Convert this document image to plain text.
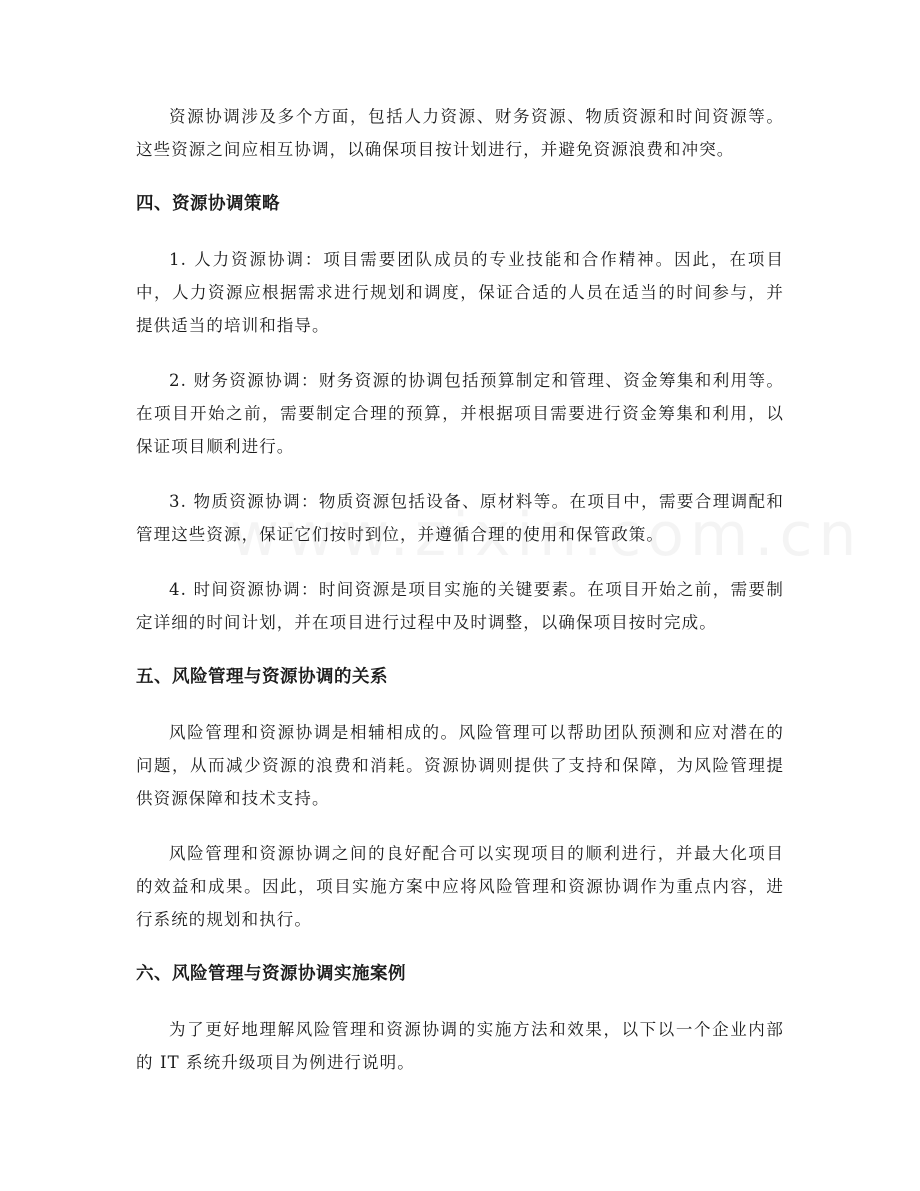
资源协调涉及多个方面，包括人力资源、财务资源、物质资源和时间资源等。这些资源之间应相互协调，以确保项目按计划进行，并避免资源浪费和冲突。

四、资源协调策略

1. 人力资源协调：项目需要团队成员的专业技能和合作精神。因此，在项目中，人力资源应根据需求进行规划和调度，保证合适的人员在适当的时间参与，并提供适当的培训和指导。

2. 财务资源协调：财务资源的协调包括预算制定和管理、资金筹集和利用等。在项目开始之前，需要制定合理的预算，并根据项目需要进行资金筹集和利用，以保证项目顺利进行。

3. 物质资源协调：物质资源包括设备、原材料等。在项目中，需要合理调配和管理这些资源，保证它们按时到位，并遵循合理的使用和保管政策。

4. 时间资源协调：时间资源是项目实施的关键要素。在项目开始之前，需要制定详细的时间计划，并在项目进行过程中及时调整，以确保项目按时完成。

五、风险管理与资源协调的关系

风险管理和资源协调是相辅相成的。风险管理可以帮助团队预测和应对潜在的问题，从而减少资源的浪费和消耗。资源协调则提供了支持和保障，为风险管理提供资源保障和技术支持。

风险管理和资源协调之间的良好配合可以实现项目的顺利进行，并最大化项目的效益和成果。因此，项目实施方案中应将风险管理和资源协调作为重点内容，进行系统的规划和执行。

六、风险管理与资源协调实施案例

为了更好地理解风险管理和资源协调的实施方法和效果，以下以一个企业内部的 IT 系统升级项目为例进行说明。
